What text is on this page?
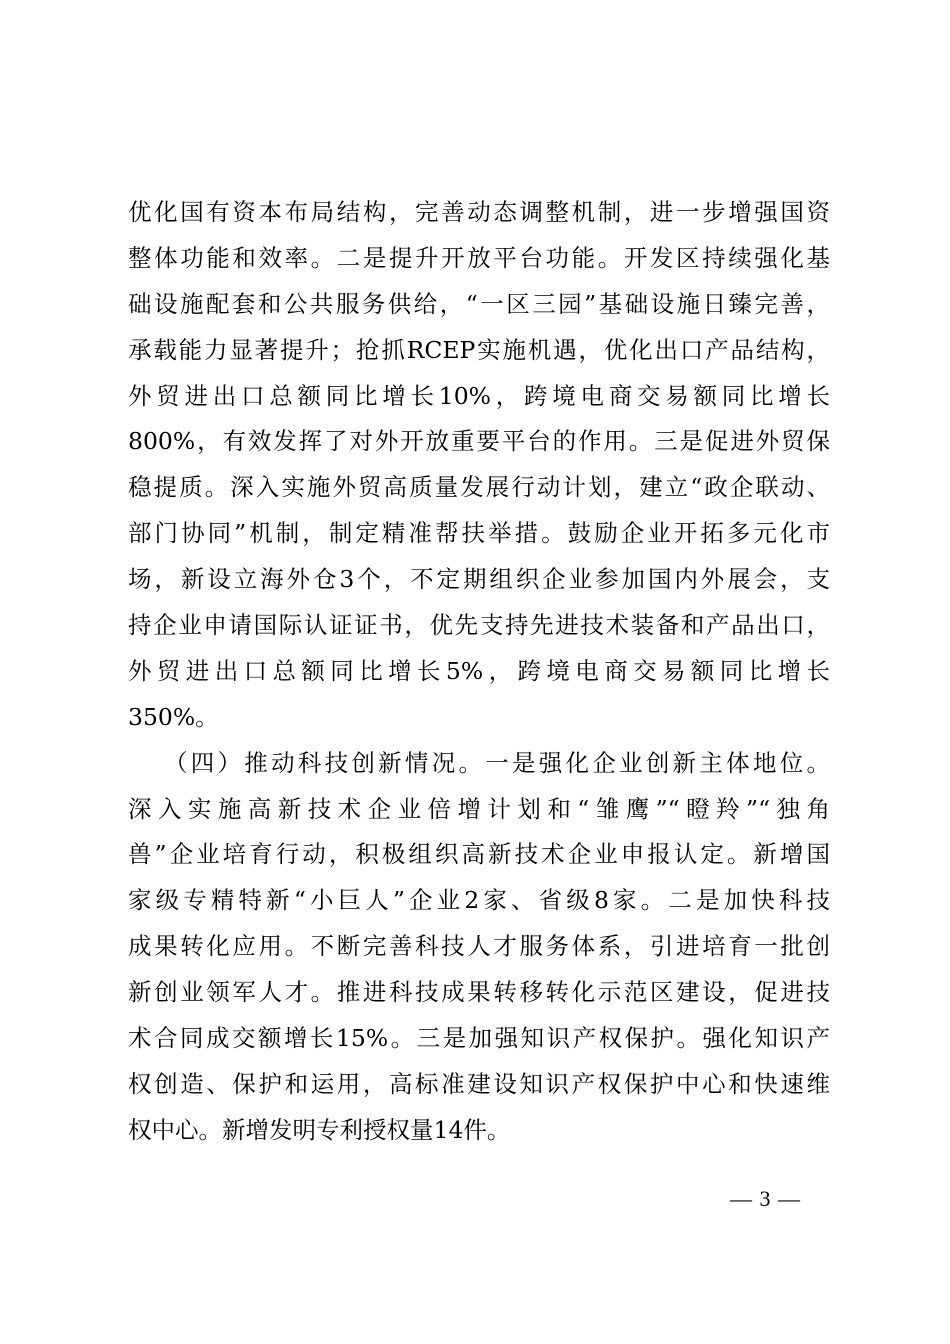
优化国有资本布局结构，完善动态调整机制，进一步增强国资
整体功能和效率。二是提升开放平台功能。开发区持续强化基
础设施配套和公共服务供给，“一区三园”基础设施日臻完善，
承载能力显著提升；抢抓RCEP实施机遇，优化出口产品结构，
外贸进出口总额同比增长10%，跨境电商交易额同比增长
800%，有效发挥了对外开放重要平台的作用。三是促进外贸保
稳提质。深入实施外贸高质量发展行动计划，建立“政企联动、
部门协同”机制，制定精准帮扶举措。鼓励企业开拓多元化市
场，新设立海外仓3个，不定期组织企业参加国内外展会，支
持企业申请国际认证证书，优先支持先进技术装备和产品出口，
外贸进出口总额同比增长5%，跨境电商交易额同比增长
350%。
（四）推动科技创新情况。一是强化企业创新主体地位。
深入实施高新技术企业倍增计划和“雏鹰”“瞪羚”“独角
兽”企业培育行动，积极组织高新技术企业申报认定。新增国
家级专精特新“小巨人”企业2家、省级8家。二是加快科技
成果转化应用。不断完善科技人才服务体系，引进培育一批创
新创业领军人才。推进科技成果转移转化示范区建设，促进技
术合同成交额增长15%。三是加强知识产权保护。强化知识产
权创造、保护和运用，高标准建设知识产权保护中心和快速维
权中心。新增发明专利授权量14件。
— 3 —
